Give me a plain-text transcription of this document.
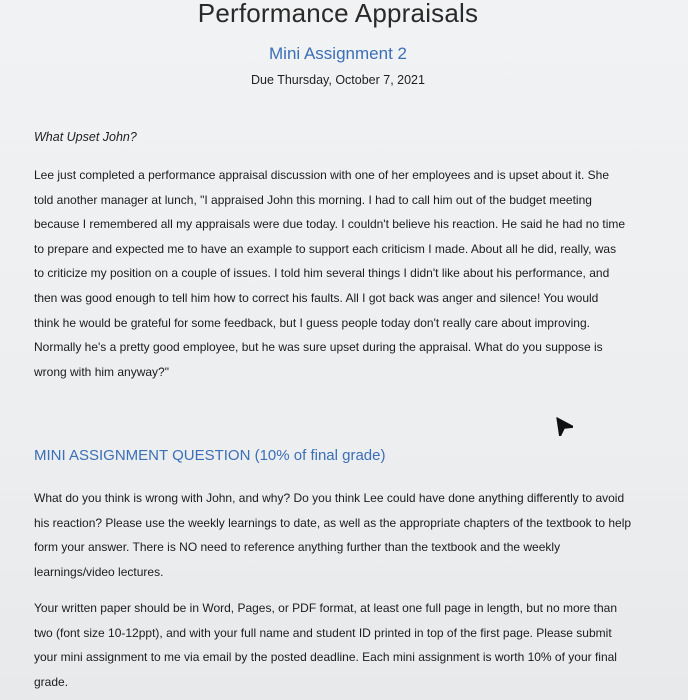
Performance Appraisals
Mini Assignment 2
Due Thursday, October 7, 2021
What Upset John?
Lee just completed a performance appraisal discussion with one of her employees and is upset about it. She
told another manager at lunch, "I appraised John this morning. I had to call him out of the budget meeting
because I remembered all my appraisals were due today. I couldn't believe his reaction. He said he had no time
to prepare and expected me to have an example to support each criticism I made. About all he did, really, was
to criticize my position on a couple of issues. I told him several things I didn't like about his performance, and
then was good enough to tell him how to correct his faults. All I got back was anger and silence! You would
think he would be grateful for some feedback, but I guess people today don't really care about improving.
Normally he's a pretty good employee, but he was sure upset during the appraisal. What do you suppose is
wrong with him anyway?"
MINI ASSIGNMENT QUESTION (10% of final grade)
What do you think is wrong with John, and why? Do you think Lee could have done anything differently to avoid
his reaction? Please use the weekly learnings to date, as well as the appropriate chapters of the textbook to help
form your answer. There is NO need to reference anything further than the textbook and the weekly
learnings/video lectures.
Your written paper should be in Word, Pages, or PDF format, at least one full page in length, but no more than
two (font size 10-12ppt), and with your full name and student ID printed in top of the first page. Please submit
your mini assignment to me via email by the posted deadline. Each mini assignment is worth 10% of your final
grade.
